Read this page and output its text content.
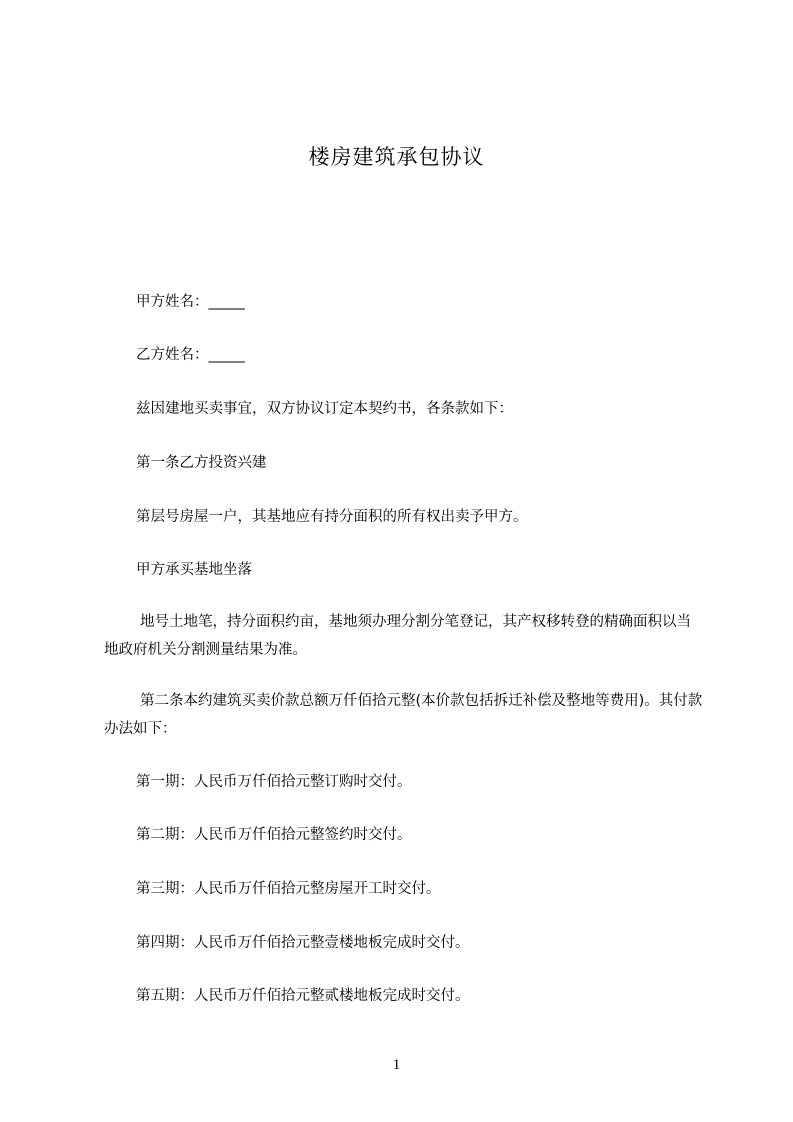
楼房建筑承包协议

甲方姓名：_____

乙方姓名：_____

兹因建地买卖事宜，双方协议订定本契约书，各条款如下：

第一条乙方投资兴建

第层号房屋一户，其基地应有持分面积的所有权出卖予甲方。

甲方承买基地坐落

地号土地笔，持分面积约亩，基地须办理分割分笔登记，其产权移转登的精确面积以当地政府机关分割测量结果为准。

第二条本约建筑买卖价款总额万仟佰拾元整(本价款包括拆迁补偿及整地等费用)。其付款办法如下：

第一期：人民币万仟佰拾元整订购时交付。

第二期：人民币万仟佰拾元整签约时交付。

第三期：人民币万仟佰拾元整房屋开工时交付。

第四期：人民币万仟佰拾元整壹楼地板完成时交付。

第五期：人民币万仟佰拾元整贰楼地板完成时交付。

1
